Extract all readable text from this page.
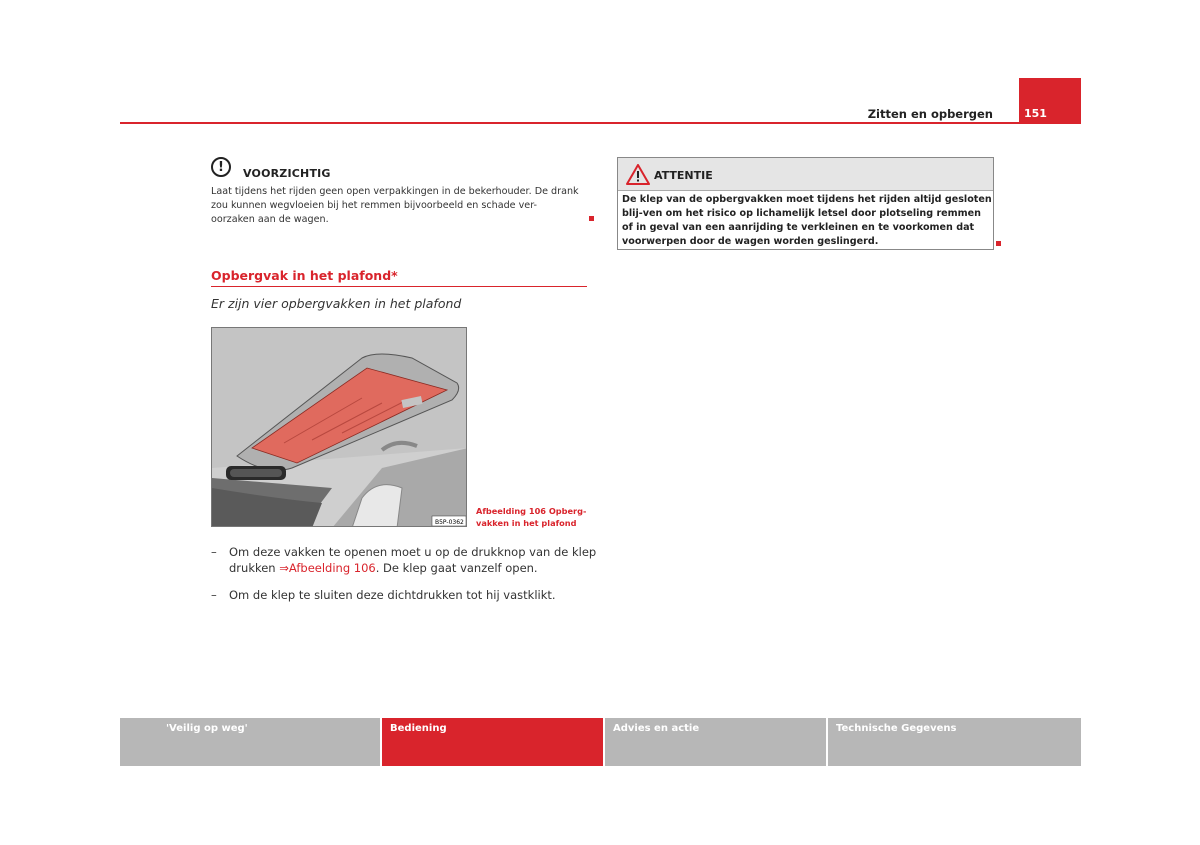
151
Zitten en opbergen
!	VOORZICHTIG
Laat tijdens het rijden geen open verpakkingen in de bekerhouder. De drank zou kunnen wegvloeien bij het remmen bijvoorbeeld en schade ver-oorzaken aan de wagen.
Opbergvak in het plafond*
Er zijn vier opbergvakken in het plafond
B5P-0362
Afbeelding 106 Opberg-
vakken in het plafond
–	Om deze vakken te openen moet u op de drukknop van de klep drukken ⇒Afbeelding 106. De klep gaat vanzelf open.
–	Om de klep te sluiten deze dichtdrukken tot hij vastklikt.
ATTENTIE
De klep van de opbergvakken moet tijdens het rijden altijd gesloten blij-ven om het risico op lichamelijk letsel door plotseling remmen of in geval van een aanrijding te verkleinen en te voorkomen dat voorwerpen door de wagen worden geslingerd.
'Veilig op weg'	Bediening	Advies en actie	Technische Gegevens
